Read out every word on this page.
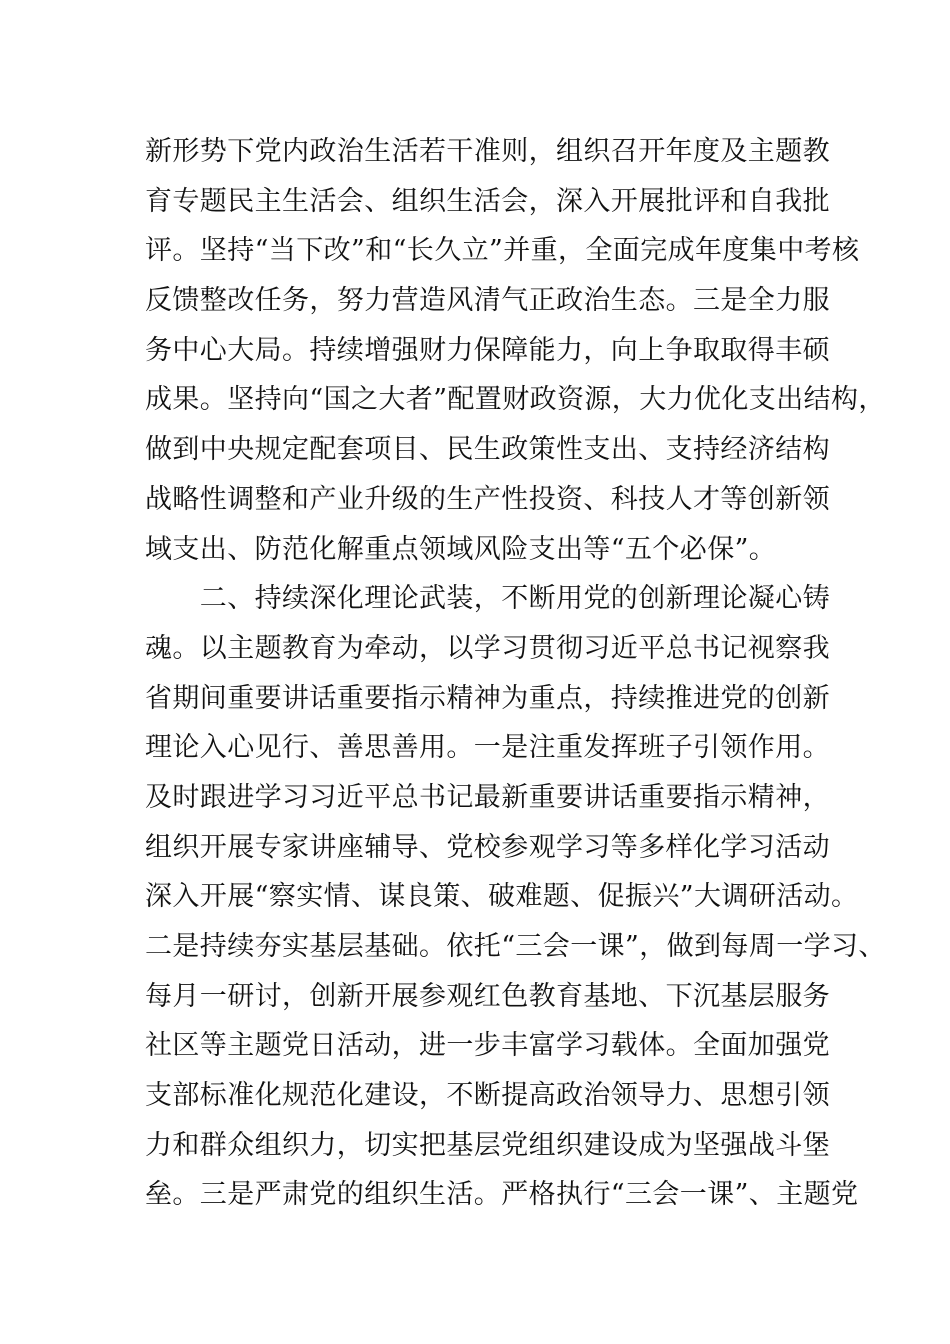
新形势下党内政治生活若干准则，组织召开年度及主题教
育专题民主生活会、组织生活会，深入开展批评和自我批
评。坚持“当下改”和“长久立”并重，全面完成年度集中考核
反馈整改任务，努力营造风清气正政治生态。三是全力服
务中心大局。持续增强财力保障能力，向上争取取得丰硕
成果。坚持向“国之大者”配置财政资源，大力优化支出结构，
做到中央规定配套项目、民生政策性支出、支持经济结构
战略性调整和产业升级的生产性投资、科技人才等创新领
域支出、防范化解重点领域风险支出等“五个必保”。
　　二、持续深化理论武装，不断用党的创新理论凝心铸
魂。以主题教育为牵动，以学习贯彻习近平总书记视察我
省期间重要讲话重要指示精神为重点，持续推进党的创新
理论入心见行、善思善用。一是注重发挥班子引领作用。
及时跟进学习习近平总书记最新重要讲话重要指示精神，
组织开展专家讲座辅导、党校参观学习等多样化学习活动
深入开展“察实情、谋良策、破难题、促振兴”大调研活动。
二是持续夯实基层基础。依托“三会一课”，做到每周一学习、
每月一研讨，创新开展参观红色教育基地、下沉基层服务
社区等主题党日活动，进一步丰富学习载体。全面加强党
支部标准化规范化建设，不断提高政治领导力、思想引领
力和群众组织力，切实把基层党组织建设成为坚强战斗堡
垒。三是严肃党的组织生活。严格执行“三会一课”、主题党
